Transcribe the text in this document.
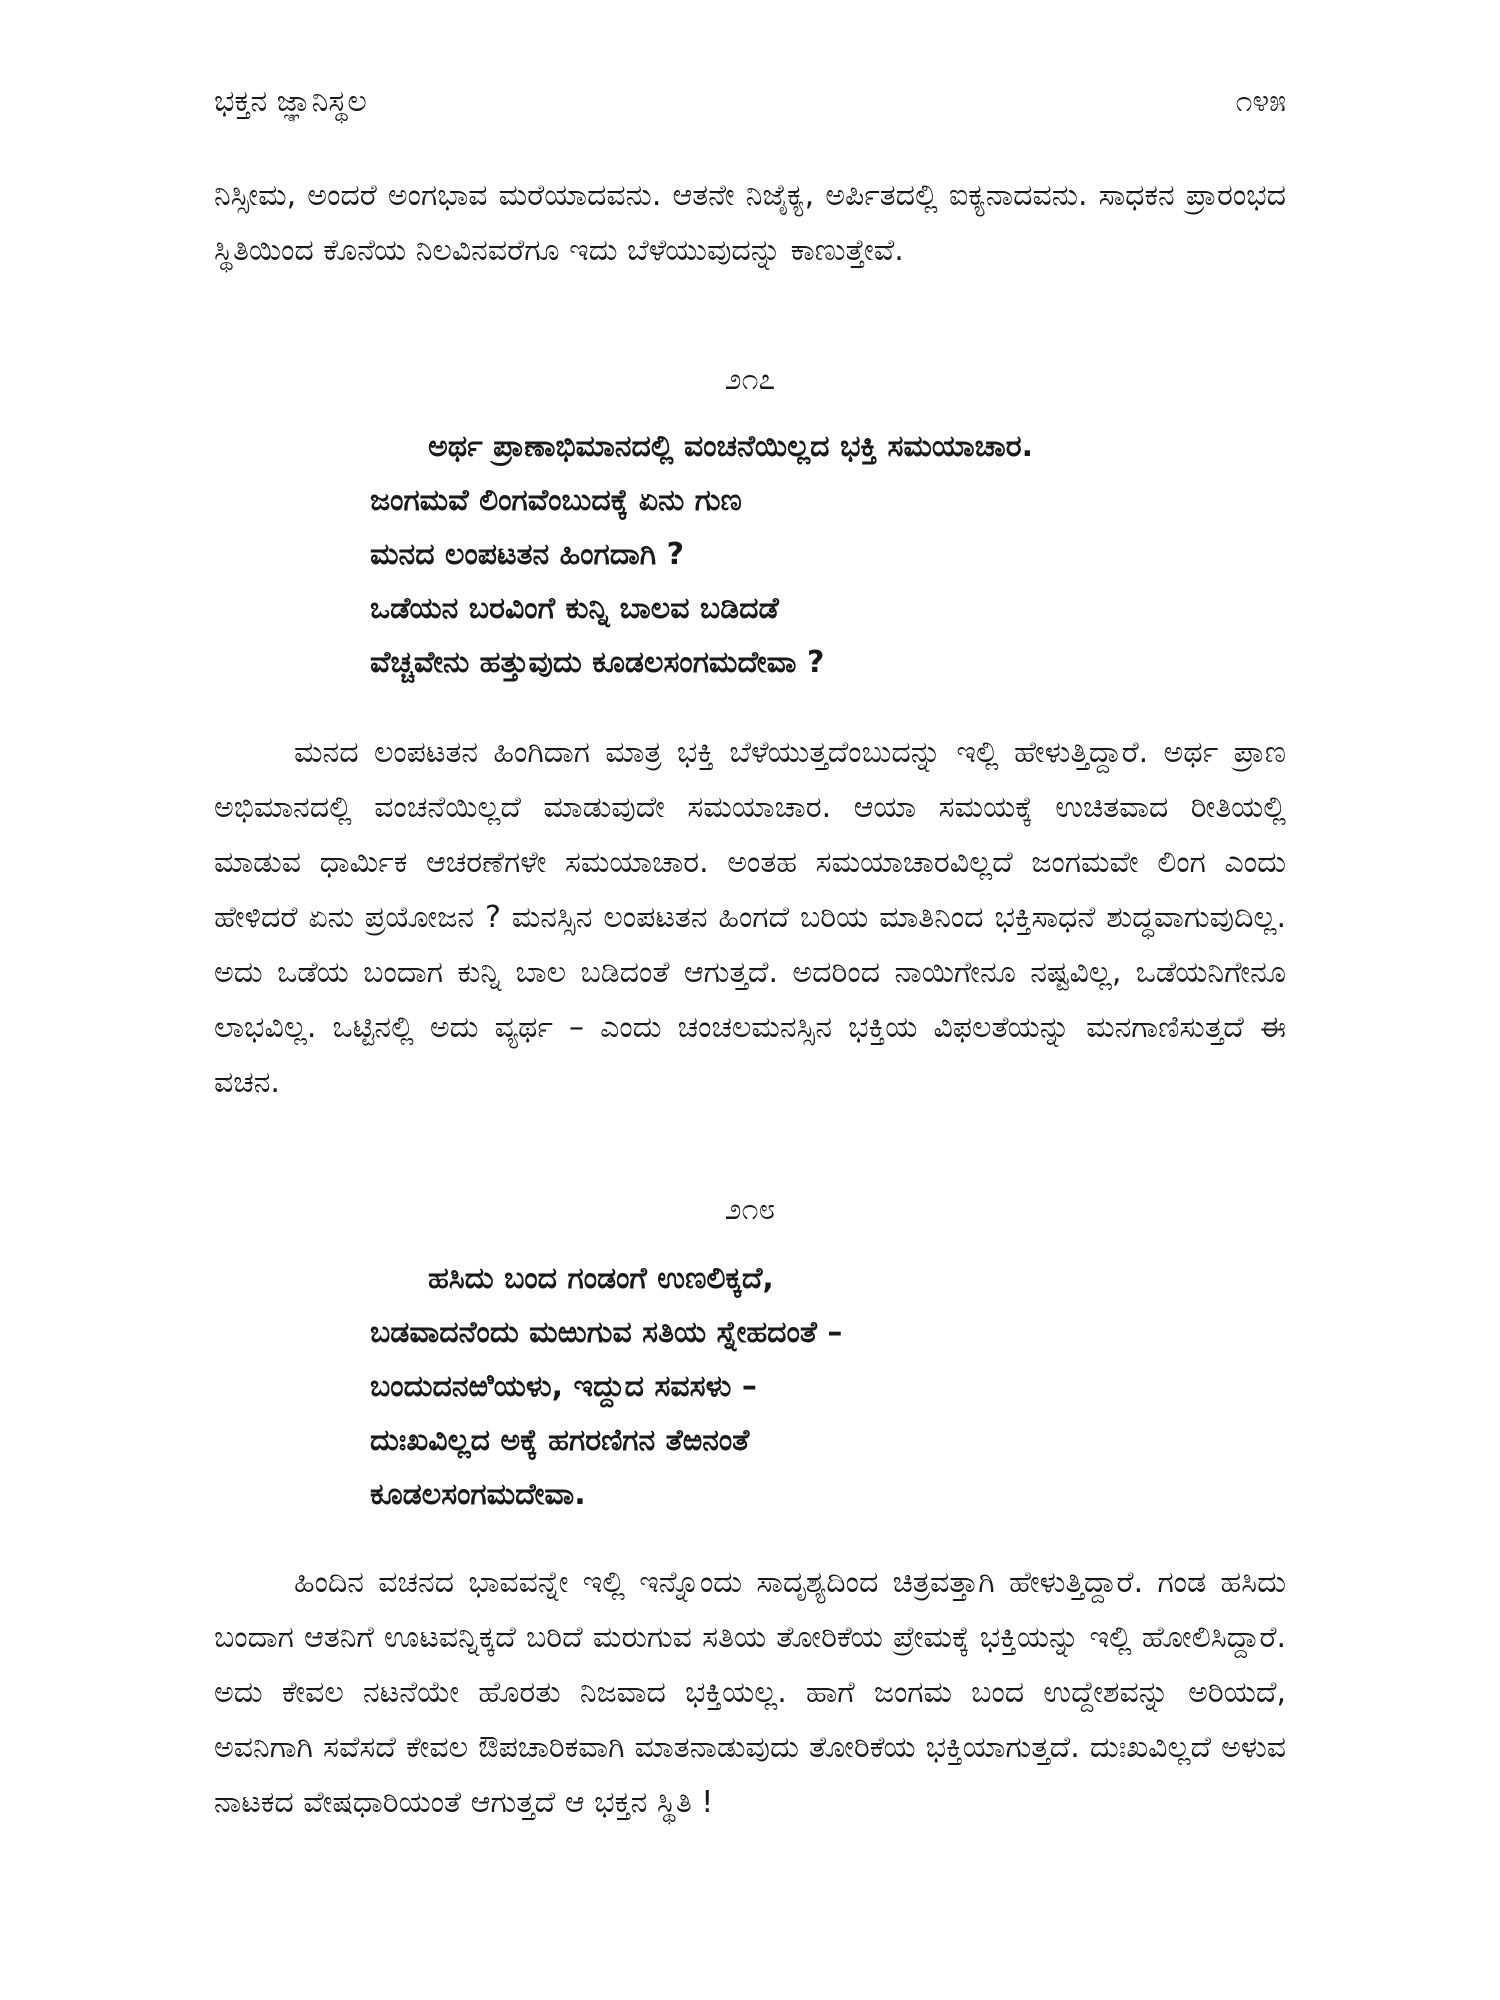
ಭಕ್ತನ ಜ್ಞಾನಿಸ್ಥಲ	೧೪೫

ನಿಸ್ಸೀಮ, ಅಂದರೆ ಅಂಗಭಾವ ಮರೆಯಾದವನು. ಆತನೇ ನಿಜೈಕ್ಯ, ಅರ್ಪಿತದಲ್ಲಿ ಐಕ್ಯನಾದವನು. ಸಾಧಕನ ಪ್ರಾರಂಭದ ಸ್ಥಿತಿಯಿಂದ ಕೊನೆಯ ನಿಲವಿನವರೆಗೂ ಇದು ಬೆಳೆಯುವುದನ್ನು ಕಾಣುತ್ತೇವೆ.

೨೧೭
ಅರ್ಥ ಪ್ರಾಣಾಭಿಮಾನದಲ್ಲಿ ವಂಚನೆಯಿಲ್ಲದ ಭಕ್ತಿ ಸಮಯಾಚಾರ.
ಜಂಗಮವೆ ಲಿಂಗವೆಂಬುದಕ್ಕೆ ಏನು ಗುಣ
ಮನದ ಲಂಪಟತನ ಹಿಂಗದಾಗಿ ?
ಒಡೆಯನ ಬರವಿಂಗೆ ಕುನ್ನಿ ಬಾಲವ ಬಡಿದಡೆ
ವೆಚ್ಚವೇನು ಹತ್ತುವುದು ಕೂಡಲಸಂಗಮದೇವಾ ?

ಮನದ ಲಂಪಟತನ ಹಿಂಗಿದಾಗ ಮಾತ್ರ ಭಕ್ತಿ ಬೆಳೆಯುತ್ತದೆಂಬುದನ್ನು ಇಲ್ಲಿ ಹೇಳುತ್ತಿದ್ದಾರೆ. ಅರ್ಥ ಪ್ರಾಣ ಅಭಿಮಾನದಲ್ಲಿ ವಂಚನೆಯಿಲ್ಲದೆ ಮಾಡುವುದೇ ಸಮಯಾಚಾರ. ಆಯಾ ಸಮಯಕ್ಕೆ ಉಚಿತವಾದ ರೀತಿಯಲ್ಲಿ ಮಾಡುವ ಧಾರ್ಮಿಕ ಆಚರಣೆಗಳೇ ಸಮಯಾಚಾರ. ಅಂತಹ ಸಮಯಾಚಾರವಿಲ್ಲದೆ ಜಂಗಮವೇ ಲಿಂಗ ಎಂದು ಹೇಳಿದರೆ ಏನು ಪ್ರಯೋಜನ ? ಮನಸ್ಸಿನ ಲಂಪಟತನ ಹಿಂಗದೆ ಬರಿಯ ಮಾತಿನಿಂದ ಭಕ್ತಿಸಾಧನೆ ಶುದ್ಧವಾಗುವುದಿಲ್ಲ. ಅದು ಒಡೆಯ ಬಂದಾಗ ಕುನ್ನಿ ಬಾಲ ಬಡಿದಂತೆ ಆಗುತ್ತದೆ. ಅದರಿಂದ ನಾಯಿಗೇನೂ ನಷ್ಟವಿಲ್ಲ, ಒಡೆಯನಿಗೇನೂ ಲಾಭವಿಲ್ಲ. ಒಟ್ಟಿನಲ್ಲಿ ಅದು ವ್ಯರ್ಥ – ಎಂದು ಚಂಚಲಮನಸ್ಸಿನ ಭಕ್ತಿಯ ವಿಫಲತೆಯನ್ನು ಮನಗಾಣಿಸುತ್ತದೆ ಈ ವಚನ.

೨೧೮
ಹಸಿದು ಬಂದ ಗಂಡಂಗೆ ಉಣಲಿಕ್ಕದೆ,
ಬಡವಾದನೆಂದು ಮಱುಗುವ ಸತಿಯ ಸ್ನೇಹದಂತೆ –
ಬಂದುದನಱಿಯಳು, ಇದ್ದುದ ಸವಸಳು –
ದುಃಖವಿಲ್ಲದ ಅಕ್ಕೆ ಹಗರಣಿಗನ ತೆಱನಂತೆ
ಕೂಡಲಸಂಗಮದೇವಾ.

ಹಿಂದಿನ ವಚನದ ಭಾವವನ್ನೇ ಇಲ್ಲಿ ಇನ್ನೊಂದು ಸಾದೃಶ್ಯದಿಂದ ಚಿತ್ರವತ್ತಾಗಿ ಹೇಳುತ್ತಿದ್ದಾರೆ. ಗಂಡ ಹಸಿದು ಬಂದಾಗ ಆತನಿಗೆ ಊಟವನ್ನಿಕ್ಕದೆ ಬರಿದೆ ಮರುಗುವ ಸತಿಯ ತೋರಿಕೆಯ ಪ್ರೇಮಕ್ಕೆ ಭಕ್ತಿಯನ್ನು ಇಲ್ಲಿ ಹೋಲಿಸಿದ್ದಾರೆ. ಅದು ಕೇವಲ ನಟನೆಯೇ ಹೊರತು ನಿಜವಾದ ಭಕ್ತಿಯಲ್ಲ. ಹಾಗೆ ಜಂಗಮ ಬಂದ ಉದ್ದೇಶವನ್ನು ಅರಿಯದೆ, ಅವನಿಗಾಗಿ ಸವೆಸದೆ ಕೇವಲ ಔಪಚಾರಿಕವಾಗಿ ಮಾತನಾಡುವುದು ತೋರಿಕೆಯ ಭಕ್ತಿಯಾಗುತ್ತದೆ. ದುಃಖವಿಲ್ಲದೆ ಅಳುವ ನಾಟಕದ ವೇಷಧಾರಿಯಂತೆ ಆಗುತ್ತದೆ ಆ ಭಕ್ತನ ಸ್ಥಿತಿ !
